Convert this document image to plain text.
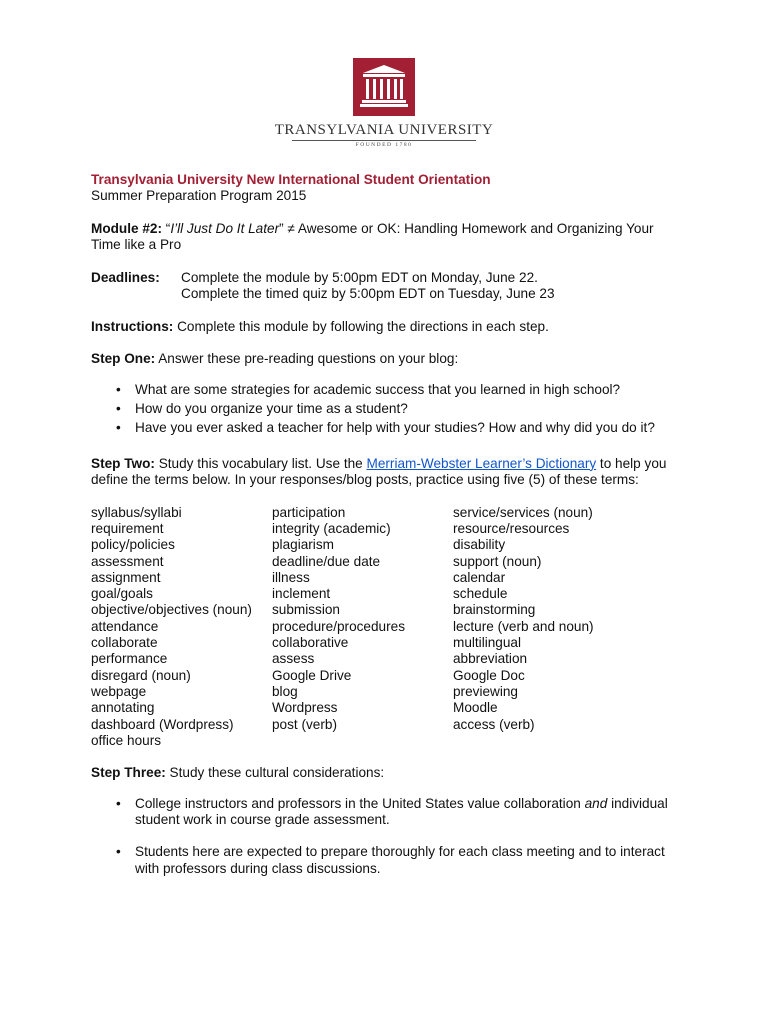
TRANSYLVANIA UNIVERSITY
FOUNDED 1780

Transylvania University New International Student Orientation

Summer Preparation Program 2015

Module #2: “I’ll Just Do It Later” ≠ Awesome or OK: Handling Homework and Organizing Your Time like a Pro

Deadlines:	Complete the module by 5:00pm EDT on Monday, June 22.
Complete the timed quiz by 5:00pm EDT on Tuesday, June 23

Instructions: Complete this module by following the directions in each step.

Step One: Answer these pre-reading questions on your blog:

• What are some strategies for academic success that you learned in high school?
• How do you organize your time as a student?
• Have you ever asked a teacher for help with your studies? How and why did you do it?

Step Two: Study this vocabulary list. Use the Merriam-Webster Learner’s Dictionary to help you define the terms below. In your responses/blog posts, practice using five (5) of these terms:

syllabus/syllabi
requirement
policy/policies
assessment
assignment
goal/goals
objective/objectives (noun)
attendance
collaborate
performance
disregard (noun)
webpage
annotating
dashboard (Wordpress)
office hours
participation
integrity (academic)
plagiarism
deadline/due date
illness
inclement
submission
procedure/procedures
collaborative
assess
Google Drive
blog
Wordpress
post (verb)
service/services (noun)
resource/resources
disability
support (noun)
calendar
schedule
brainstorming
lecture (verb and noun)
multilingual
abbreviation
Google Doc
previewing
Moodle
access (verb)

Step Three: Study these cultural considerations:

• College instructors and professors in the United States value collaboration and individual student work in course grade assessment.
• Students here are expected to prepare thoroughly for each class meeting and to interact with professors during class discussions.
